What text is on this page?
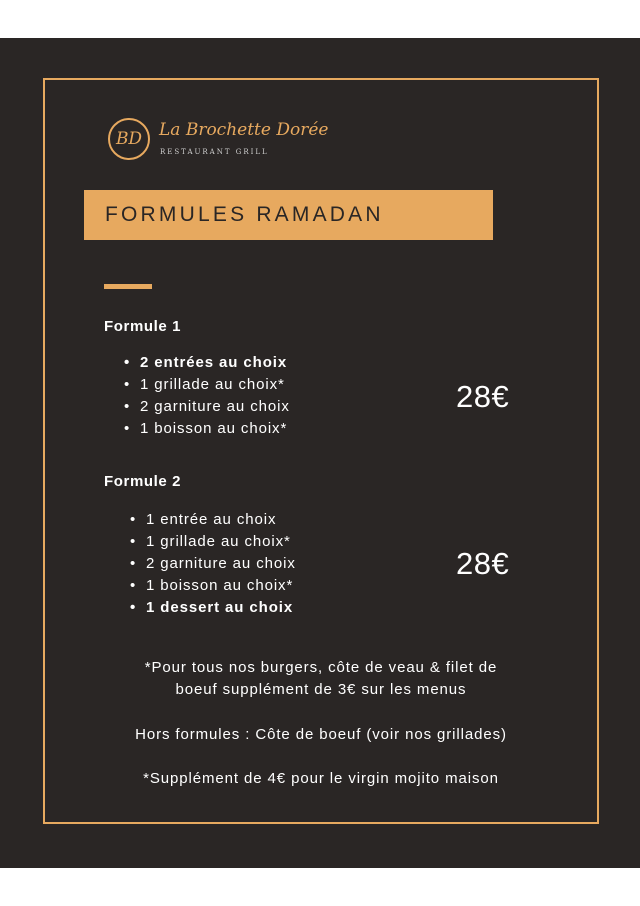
BD La Brochette Dorée
RESTAURANT GRILL
FORMULES RAMADAN
Formule 1
• 2 entrées au choix
• 1 grillade au choix*
• 2 garniture au choix
• 1 boisson au choix*
28€
Formule 2
• 1 entrée au choix
• 1 grillade au choix*
• 2 garniture au choix
• 1 boisson au choix*
• 1 dessert au choix
28€
*Pour tous nos burgers, côte de veau & filet de
boeuf supplément de 3€ sur les menus
Hors formules : Côte de boeuf (voir nos grillades)
*Supplément de 4€ pour le virgin mojito maison
